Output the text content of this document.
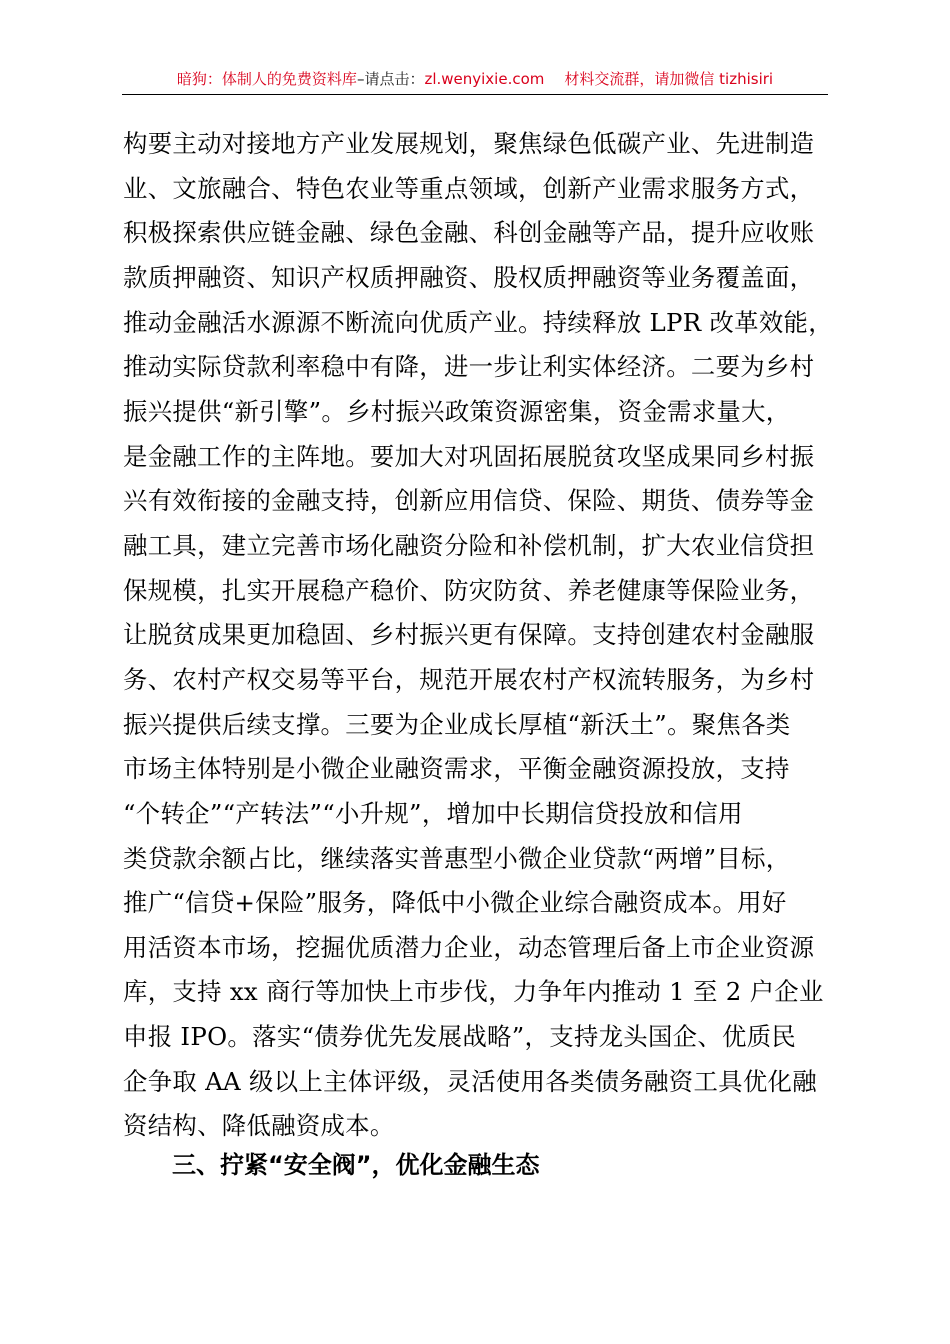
暗狗：体制人的免费资料库–请点击：zl.wenyixie.com 材料交流群，请加微信 tizhisiri
构要主动对接地方产业发展规划，聚焦绿色低碳产业、先进制造
业、文旅融合、特色农业等重点领域，创新产业需求服务方式，
积极探索供应链金融、绿色金融、科创金融等产品，提升应收账
款质押融资、知识产权质押融资、股权质押融资等业务覆盖面，
推动金融活水源源不断流向优质产业。持续释放 LPR 改革效能，
推动实际贷款利率稳中有降，进一步让利实体经济。二要为乡村
振兴提供“新引擎”。乡村振兴政策资源密集，资金需求量大，
是金融工作的主阵地。要加大对巩固拓展脱贫攻坚成果同乡村振
兴有效衔接的金融支持，创新应用信贷、保险、期货、债券等金
融工具，建立完善市场化融资分险和补偿机制，扩大农业信贷担
保规模，扎实开展稳产稳价、防灾防贫、养老健康等保险业务，
让脱贫成果更加稳固、乡村振兴更有保障。支持创建农村金融服
务、农村产权交易等平台，规范开展农村产权流转服务，为乡村
振兴提供后续支撑。三要为企业成长厚植“新沃土”。聚焦各类
市场主体特别是小微企业融资需求，平衡金融资源投放，支持
“个转企”“产转法”“小升规”，增加中长期信贷投放和信用
类贷款余额占比，继续落实普惠型小微企业贷款“两增”目标，
推广“信贷+保险”服务，降低中小微企业综合融资成本。用好
用活资本市场，挖掘优质潜力企业，动态管理后备上市企业资源
库，支持 xx 商行等加快上市步伐，力争年内推动 1 至 2 户企业
申报 IPO。落实“债券优先发展战略”，支持龙头国企、优质民
企争取 AA 级以上主体评级，灵活使用各类债务融资工具优化融
资结构、降低融资成本。
三、拧紧“安全阀”，优化金融生态
